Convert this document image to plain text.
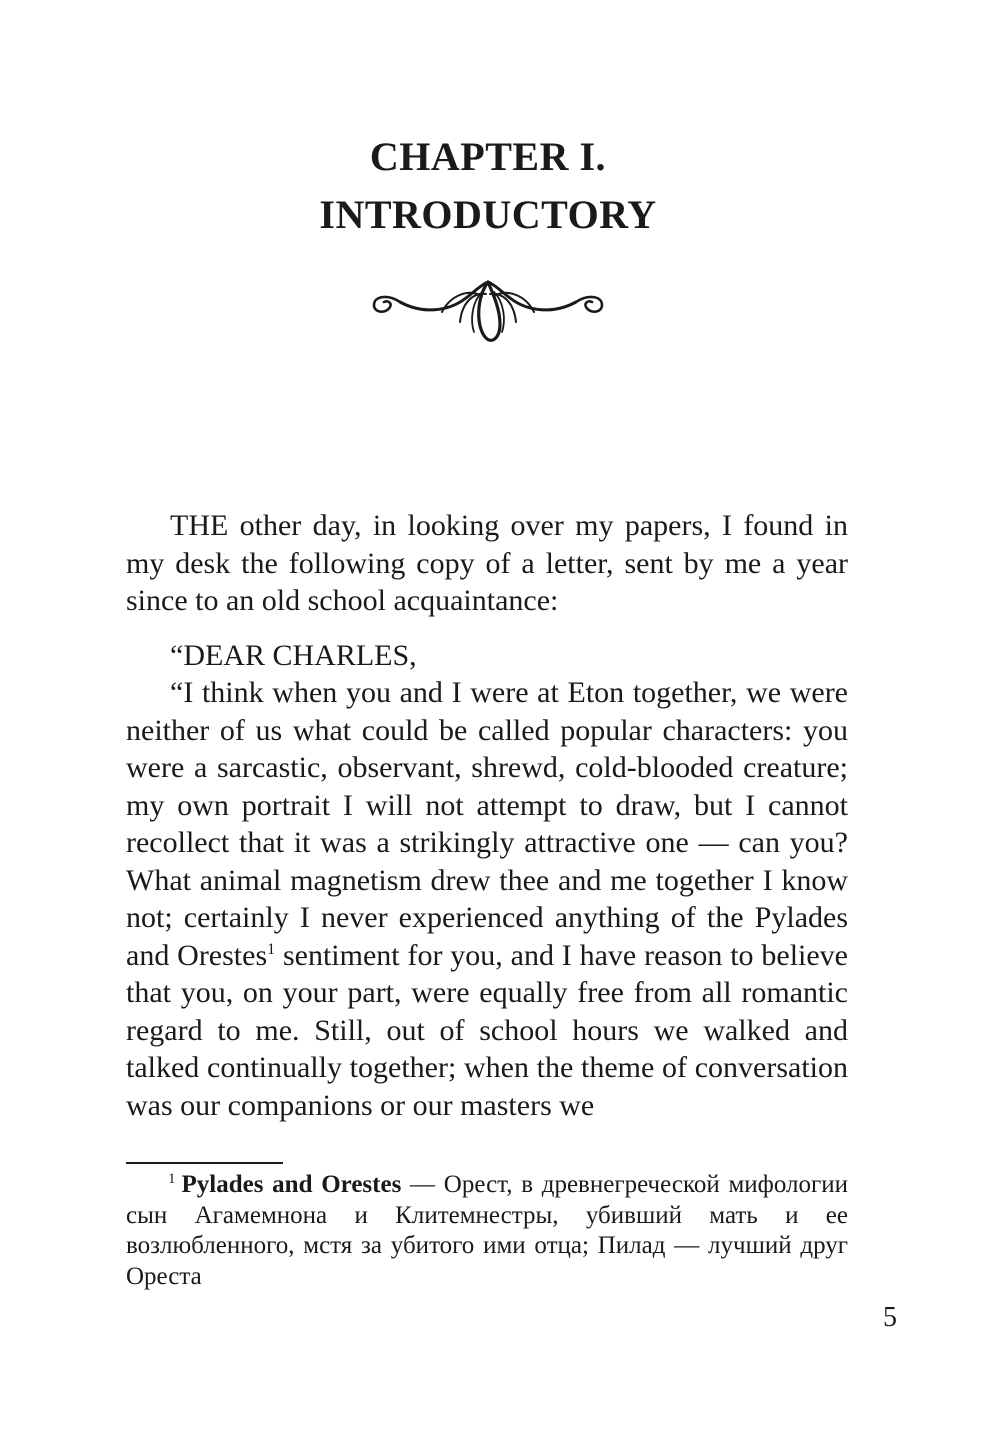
CHAPTER I.
INTRODUCTORY

THE other day, in looking over my papers, I found in my desk the following copy of a letter, sent by me a year since to an old school acquaintance:

“DEAR CHARLES,

“I think when you and I were at Eton together, we were neither of us what could be called popular characters: you were a sarcastic, observant, shrewd, cold-blooded creature; my own portrait I will not attempt to draw, but I cannot recollect that it was a strikingly attractive one — can you? What animal magnetism drew thee and me together I know not; certainly I never experienced anything of the Pylades and Orestes$^1$ sentiment for you, and I have reason to believe that you, on your part, were equally free from all romantic regard to me. Still, out of school hours we walked and talked continually together; when the theme of conversation was our companions or our masters we

$^1$ Pylades and Orestes — Орест, в древнегреческой мифологии сын Агамемнона и Клитемнестры, убивший мать и ее возлюбленного, мстя за убитого ими отца; Пилад — лучший друг Ореста
5
